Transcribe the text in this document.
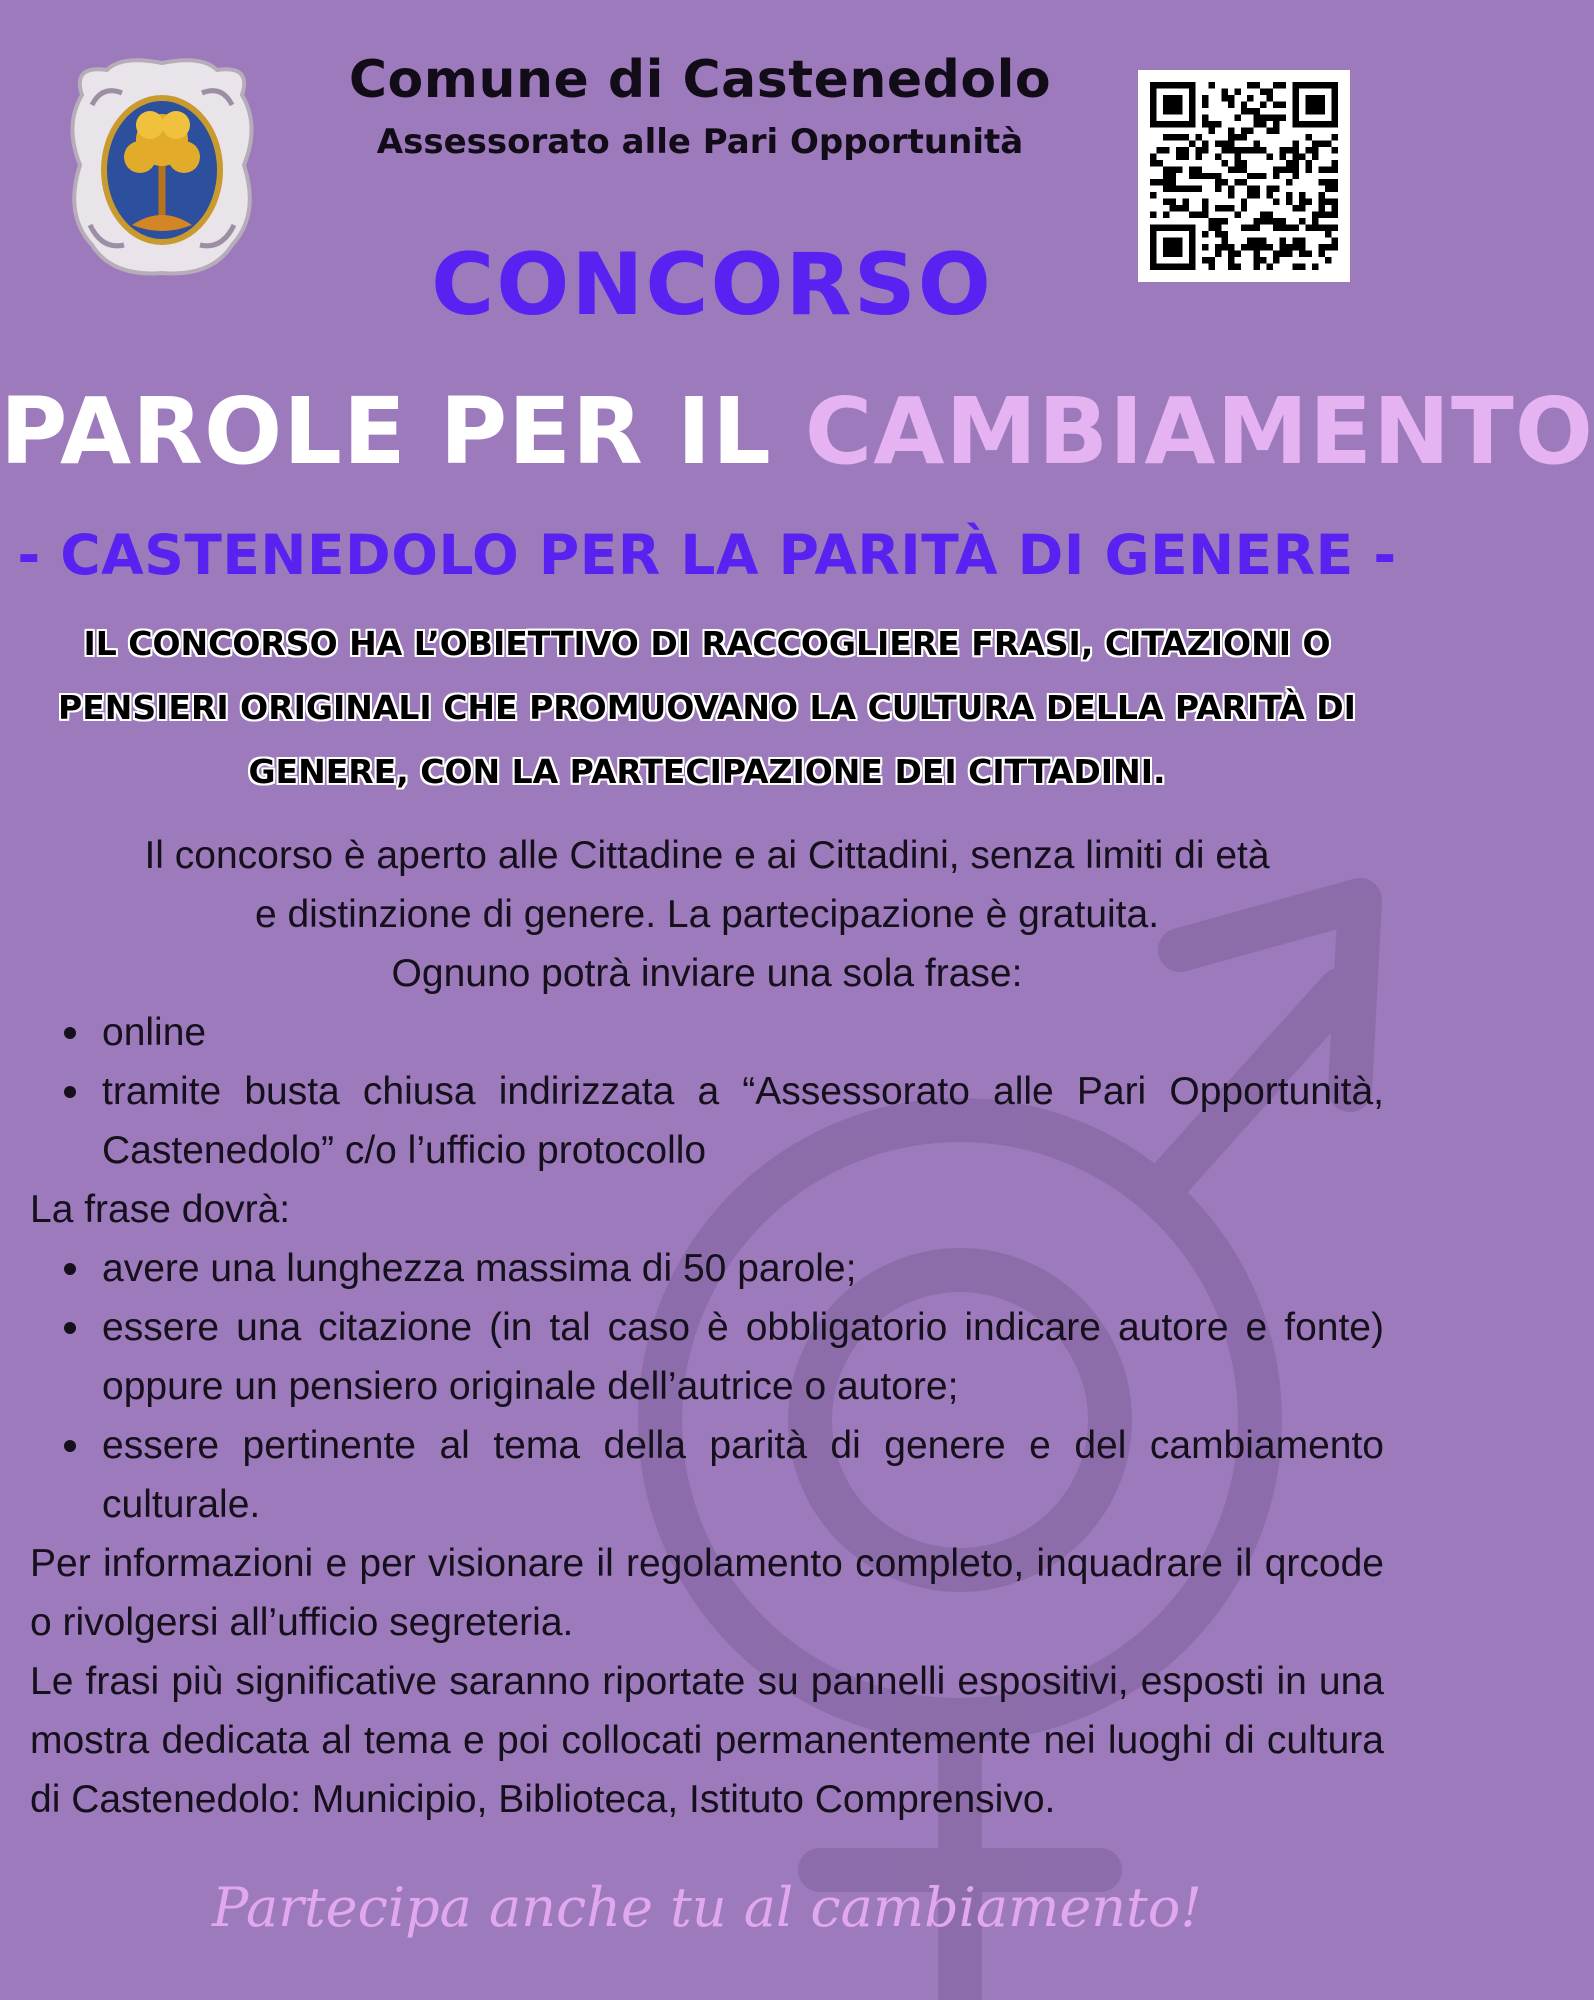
Comune di Castenedolo
Assessorato alle Pari Opportunità
CONCORSO
PAROLE PER IL CAMBIAMENTO
- CASTENEDOLO PER LA PARITÀ DI GENERE -
IL CONCORSO HA L’OBIETTIVO DI RACCOGLIERE FRASI, CITAZIONI O
PENSIERI ORIGINALI CHE PROMUOVANO LA CULTURA DELLA PARITÀ DI
GENERE, CON LA PARTECIPAZIONE DEI CITTADINI.
Il concorso è aperto alle Cittadine e ai Cittadini, senza limiti di età
e distinzione di genere. La partecipazione è gratuita.
Ognuno potrà inviare una sola frase:
online
tramite busta chiusa indirizzata a “Assessorato alle Pari Opportunità, Castenedolo” c/o l’ufficio protocollo
La frase dovrà:
avere una lunghezza massima di 50 parole;
essere una citazione (in tal caso è obbligatorio indicare autore e fonte) oppure un pensiero originale dell’autrice o autore;
essere pertinente al tema della parità di genere e del cambiamento culturale.
Per informazioni e per visionare il regolamento completo, inquadrare il qrcode o rivolgersi all’ufficio segreteria.
Le frasi più significative saranno riportate su pannelli espositivi, esposti in una mostra dedicata al tema e poi collocati permanentemente nei luoghi di cultura di Castenedolo: Municipio, Biblioteca, Istituto Comprensivo.
Partecipa anche tu al cambiamento!
